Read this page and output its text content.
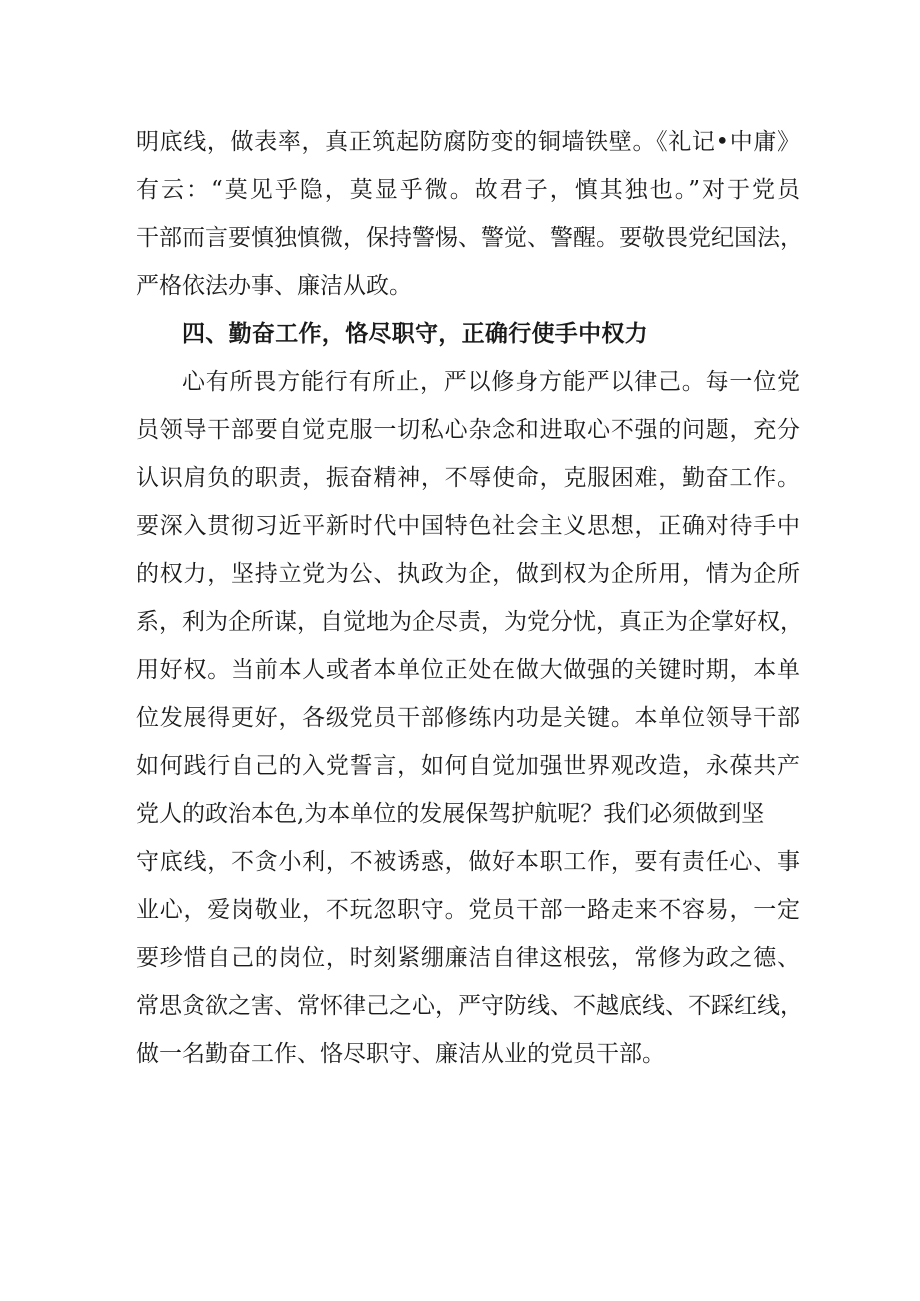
明底线，做表率，真正筑起防腐防变的铜墙铁壁。《礼记•中庸》
有云：“莫见乎隐，莫显乎微。故君子，慎其独也。”对于党员
干部而言要慎独慎微，保持警惕、警觉、警醒。要敬畏党纪国法，
严格依法办事、廉洁从政。
四、勤奋工作，恪尽职守，正确行使手中权力
心有所畏方能行有所止，严以修身方能严以律己。每一位党
员领导干部要自觉克服一切私心杂念和进取心不强的问题，充分
认识肩负的职责，振奋精神，不辱使命，克服困难，勤奋工作。
要深入贯彻习近平新时代中国特色社会主义思想，正确对待手中
的权力，坚持立党为公、执政为企，做到权为企所用，情为企所
系，利为企所谋，自觉地为企尽责，为党分忧，真正为企掌好权，
用好权。当前本人或者本单位正处在做大做强的关键时期，本单
位发展得更好，各级党员干部修练内功是关键。本单位领导干部
如何践行自己的入党誓言，如何自觉加强世界观改造，永葆共产
党人的政治本色,为本单位的发展保驾护航呢？我们必须做到坚
守底线，不贪小利，不被诱惑，做好本职工作，要有责任心、事
业心，爱岗敬业，不玩忽职守。党员干部一路走来不容易，一定
要珍惜自己的岗位，时刻紧绷廉洁自律这根弦，常修为政之德、
常思贪欲之害、常怀律己之心，严守防线、不越底线、不踩红线，
做一名勤奋工作、恪尽职守、廉洁从业的党员干部。
